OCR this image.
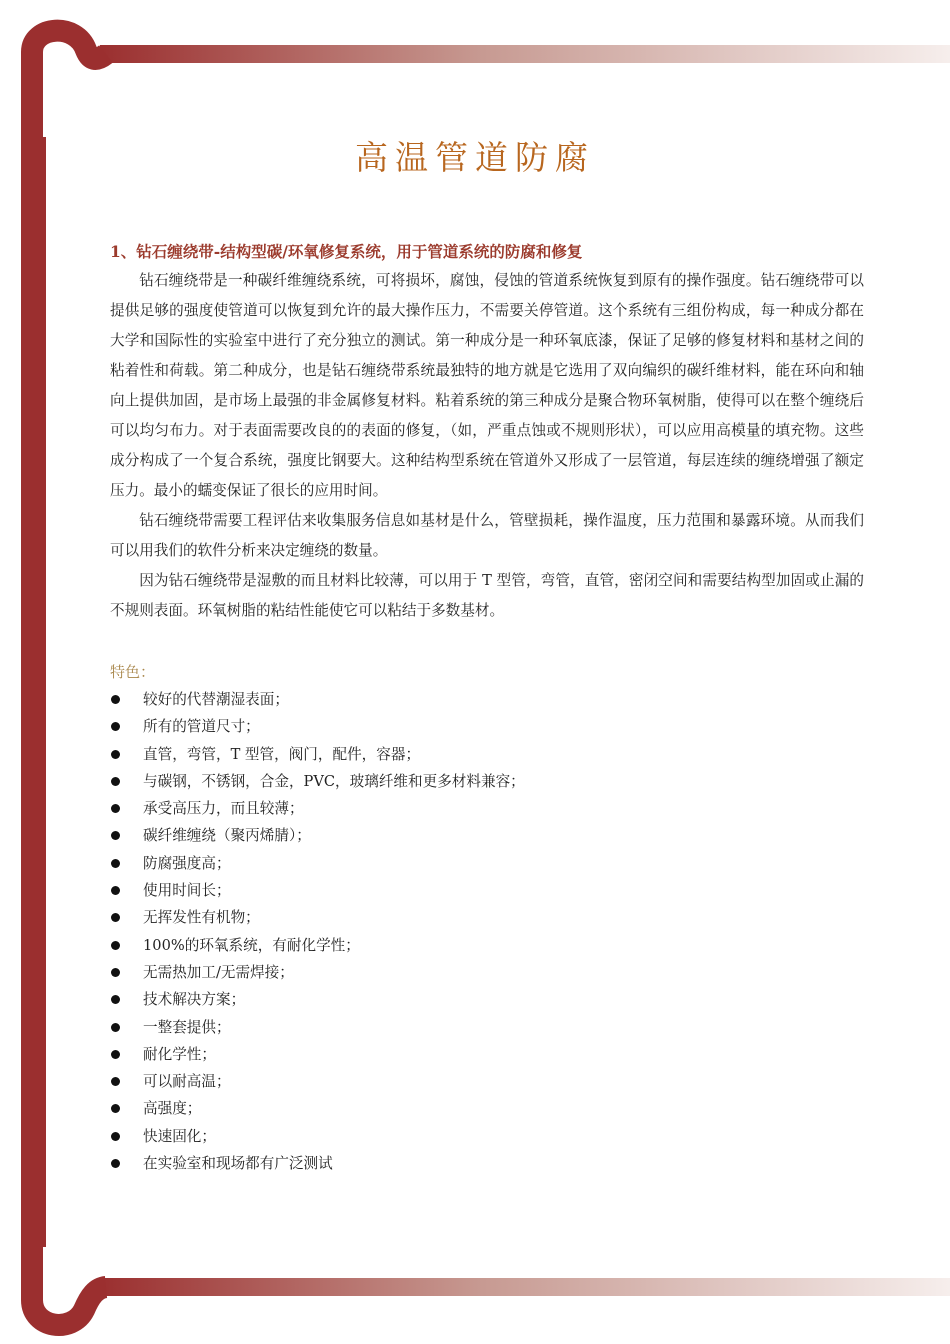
高温管道防腐

1、钻石缠绕带-结构型碳/环氧修复系统，用于管道系统的防腐和修复

钻石缠绕带是一种碳纤维缠绕系统，可将损坏，腐蚀，侵蚀的管道系统恢复到原有的操作强度。钻石缠绕带可以提供足够的强度使管道可以恢复到允许的最大操作压力，不需要关停管道。这个系统有三组份构成，每一种成分都在大学和国际性的实验室中进行了充分独立的测试。第一种成分是一种环氧底漆，保证了足够的修复材料和基材之间的粘着性和荷载。第二种成分，也是钻石缠绕带系统最独特的地方就是它选用了双向编织的碳纤维材料，能在环向和轴向上提供加固，是市场上最强的非金属修复材料。粘着系统的第三种成分是聚合物环氧树脂，使得可以在整个缠绕后可以均匀布力。对于表面需要改良的的表面的修复，（如，严重点蚀或不规则形状），可以应用高模量的填充物。这些成分构成了一个复合系统，强度比钢要大。这种结构型系统在管道外又形成了一层管道，每层连续的缠绕增强了额定压力。最小的蠕变保证了很长的应用时间。

钻石缠绕带需要工程评估来收集服务信息如基材是什么，管壁损耗，操作温度，压力范围和暴露环境。从而我们可以用我们的软件分析来决定缠绕的数量。

因为钻石缠绕带是湿敷的而且材料比较薄，可以用于 T 型管，弯管，直管，密闭空间和需要结构型加固或止漏的不规则表面。环氧树脂的粘结性能使它可以粘结于多数基材。

特色：

较好的代替潮湿表面；
所有的管道尺寸；
直管，弯管，T 型管，阀门，配件，容器；
与碳钢，不锈钢，合金，PVC，玻璃纤维和更多材料兼容；
承受高压力，而且较薄；
碳纤维缠绕（聚丙烯腈）；
防腐强度高；
使用时间长；
无挥发性有机物；
100%的环氧系统，有耐化学性；
无需热加工/无需焊接；
技术解决方案；
一整套提供；
耐化学性；
可以耐高温；
高强度；
快速固化；
在实验室和现场都有广泛测试
